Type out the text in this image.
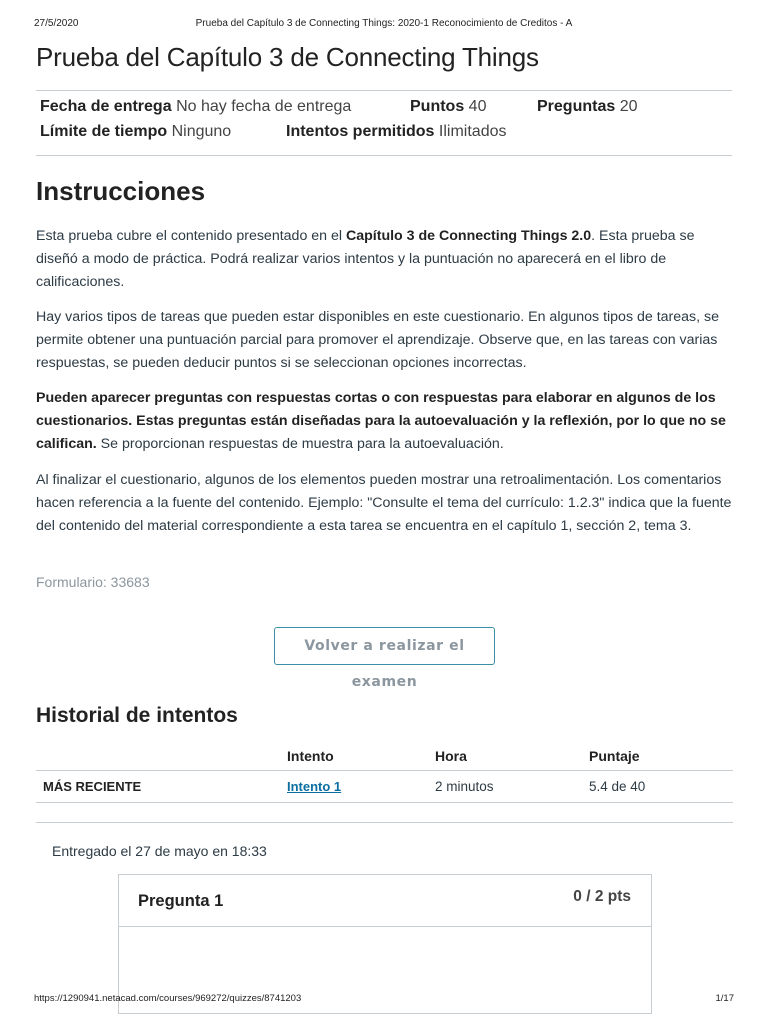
27/5/2020	Prueba del Capítulo 3 de Connecting Things: 2020-1 Reconocimiento de Creditos - A
Prueba del Capítulo 3 de Connecting Things
Fecha de entrega No hay fecha de entrega	Puntos 40	Preguntas 20
Límite de tiempo Ninguno	Intentos permitidos Ilimitados
Instrucciones

Esta prueba cubre el contenido presentado en el Capítulo 3 de Connecting Things 2.0. Esta prueba se diseñó a modo de práctica. Podrá realizar varios intentos y la puntuación no aparecerá en el libro de calificaciones.

Hay varios tipos de tareas que pueden estar disponibles en este cuestionario. En algunos tipos de tareas, se permite obtener una puntuación parcial para promover el aprendizaje. Observe que, en las tareas con varias respuestas, se pueden deducir puntos si se seleccionan opciones incorrectas.

Pueden aparecer preguntas con respuestas cortas o con respuestas para elaborar en algunos de los cuestionarios. Estas preguntas están diseñadas para la autoevaluación y la reflexión, por lo que no se califican. Se proporcionan respuestas de muestra para la autoevaluación.

Al finalizar el cuestionario, algunos de los elementos pueden mostrar una retroalimentación. Los comentarios hacen referencia a la fuente del contenido. Ejemplo: "Consulte el tema del currículo: 1.2.3" indica que la fuente del contenido del material correspondiente a esta tarea se encuentra en el capítulo 1, sección 2, tema 3.

Formulario: 33683
Volver a realizar el examen
Historial de intentos
	Intento	Hora	Puntaje
MÁS RECIENTE	Intento 1	2 minutos	5.4 de 40
Entregado el 27 de mayo en 18:33
Pregunta 1	0 / 2 pts
https://1290941.netacad.com/courses/969272/quizzes/8741203	1/17
